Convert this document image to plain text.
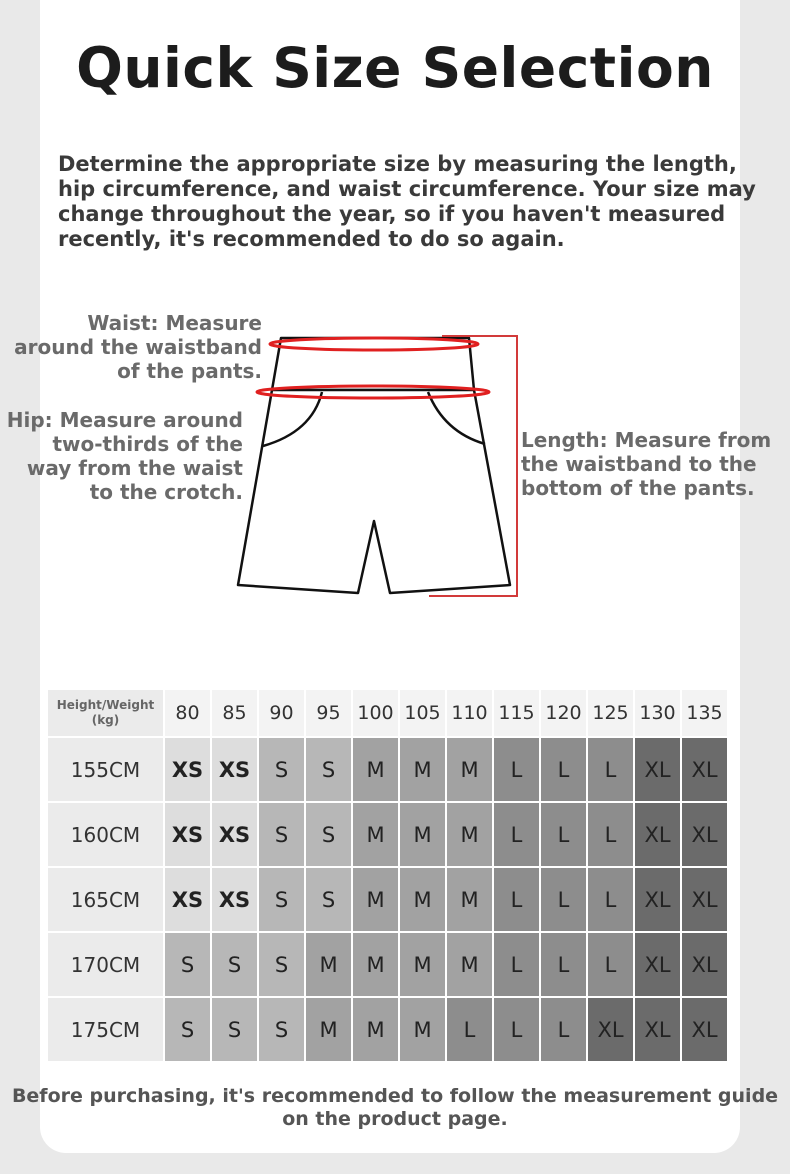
Quick Size Selection
Determine the appropriate size by measuring the length, hip circumference, and waist circumference. Your size may change throughout the year, so if you haven't measured recently, it's recommended to do so again.
Waist: Measure
around the waistband
of the pants.
Hip: Measure around
two-thirds of the
way from the waist
to the crotch.
Length: Measure from
the waistband to the
bottom of the pants.
Height/Weight
(kg)	80	85	90	95	100	105	110	115	120	125	130	135
155CM	XS	XS	S	S	M	M	M	L	L	L	XL	XL
160CM	XS	XS	S	S	M	M	M	L	L	L	XL	XL
165CM	XS	XS	S	S	M	M	M	L	L	L	XL	XL
170CM	S	S	S	M	M	M	M	L	L	L	XL	XL
175CM	S	S	S	M	M	M	L	L	L	XL	XL	XL
Before purchasing, it's recommended to follow the measurement guide on the product page.
